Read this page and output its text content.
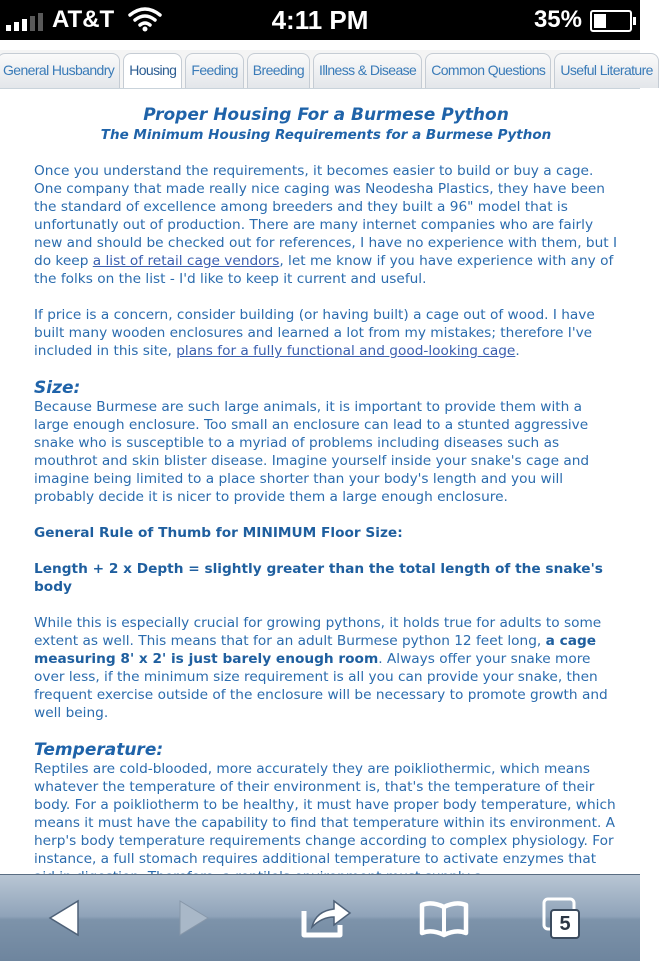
AT&T	4:11 PM	35%
General Husbandry	Housing	Feeding	Breeding	Illness & Disease	Common Questions	Useful Literature
Proper Housing For a Burmese Python
The Minimum Housing Requirements for a Burmese Python

Once you understand the requirements, it becomes easier to build or buy a cage. One company that made really nice caging was Neodesha Plastics, they have been the standard of excellence among breeders and they built a 96" model that is unfortunatly out of production. There are many internet companies who are fairly new and should be checked out for references, I have no experience with them, but I do keep a list of retail cage vendors, let me know if you have experience with any of the folks on the list - I'd like to keep it current and useful.

If price is a concern, consider building (or having built) a cage out of wood. I have built many wooden enclosures and learned a lot from my mistakes; therefore I've included in this site, plans for a fully functional and good-looking cage.

Size:

Because Burmese are such large animals, it is important to provide them with a large enough enclosure. Too small an enclosure can lead to a stunted aggressive snake who is susceptible to a myriad of problems including diseases such as mouthrot and skin blister disease. Imagine yourself inside your snake's cage and imagine being limited to a place shorter than your body's length and you will probably decide it is nicer to provide them a large enough enclosure.

General Rule of Thumb for MINIMUM Floor Size:

Length + 2 x Depth = slightly greater than the total length of the snake's body

While this is especially crucial for growing pythons, it holds true for adults to some extent as well. This means that for an adult Burmese python 12 feet long, a cage measuring 8' x 2' is just barely enough room. Always offer your snake more over less, if the minimum size requirement is all you can provide your snake, then frequent exercise outside of the enclosure will be necessary to promote growth and well being.

Temperature:

Reptiles are cold-blooded, more accurately they are poikliothermic, which means whatever the temperature of their environment is, that's the temperature of their body. For a poikliotherm to be healthy, it must have proper body temperature, which means it must have the capability to find that temperature within its environment. A herp's body temperature requirements change according to complex physiology. For instance, a full stomach requires additional temperature to activate enzymes that

5
